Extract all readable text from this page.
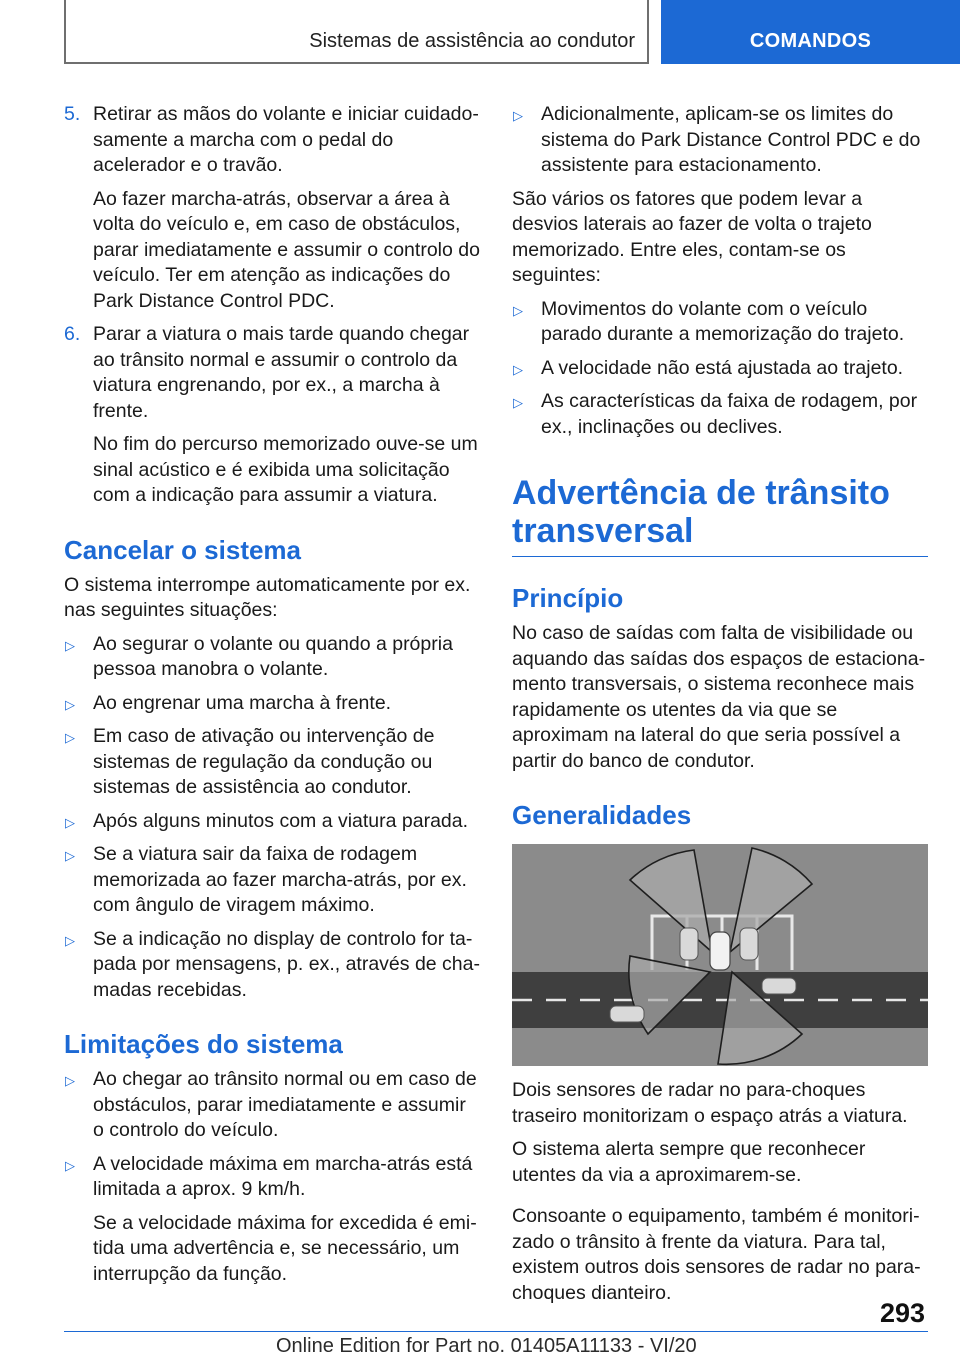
Sistemas de assistência ao condutor	COMANDOS
5. Retirar as mãos do volante e iniciar cuidadosamente a marcha com o pedal do acelerador e o travão.

Ao fazer marcha-atrás, observar a área à volta do veículo e, em caso de obstáculos, parar imediatamente e assumir o controlo do veículo. Ter em atenção as indicações do Park Distance Control PDC.

6. Parar a viatura o mais tarde quando chegar ao trânsito normal e assumir o controlo da viatura engrenando, por ex., a marcha à frente.

No fim do percurso memorizado ouve-se um sinal acústico e é exibida uma solicitação com a indicação para assumir a viatura.

Cancelar o sistema

O sistema interrompe automaticamente por ex. nas seguintes situações:

▷ Ao segurar o volante ou quando a própria pessoa manobra o volante.
▷ Ao engrenar uma marcha à frente.
▷ Em caso de ativação ou intervenção de sistemas de regulação da condução ou sistemas de assistência ao condutor.
▷ Após alguns minutos com a viatura parada.
▷ Se a viatura sair da faixa de rodagem memorizada ao fazer marcha-atrás, por ex. com ângulo de viragem máximo.
▷ Se a indicação no display de controlo for tapada por mensagens, p. ex., através de chamadas recebidas.
Limitações do sistema
▷ Ao chegar ao trânsito normal ou em caso de obstáculos, parar imediatamente e assumir o controlo do veículo.
▷ A velocidade máxima em marcha-atrás está limitada a aprox. 9 km/h.

Se a velocidade máxima for excedida é emitida uma advertência e, se necessário, um interrupção da função.

▷ Adicionalmente, aplicam-se os limites do sistema do Park Distance Control PDC e do assistente para estacionamento.

São vários os fatores que podem levar a desvios laterais ao fazer de volta o trajeto memorizado. Entre eles, contam-se os seguintes:

▷ Movimentos do volante com o veículo parado durante a memorização do trajeto.
▷ A velocidade não está ajustada ao trajeto.
▷ As características da faixa de rodagem, por ex., inclinações ou declives.
Advertência de trânsito transversal
Princípio

No caso de saídas com falta de visibilidade ou aquando das saídas dos espaços de estacionamento transversais, o sistema reconhece mais rapidamente os utentes da via que se aproximam na lateral do que seria possível a partir do banco de condutor.

Generalidades

Dois sensores de radar no para-choques traseiro monitorizam o espaço atrás a viatura.

O sistema alerta sempre que reconhecer utentes da via a aproximarem-se.

Consoante o equipamento, também é monitorizado o trânsito à frente da viatura. Para tal, existem outros dois sensores de radar no para-choques dianteiro.

293
Online Edition for Part no. 01405A11133 - VI/20
